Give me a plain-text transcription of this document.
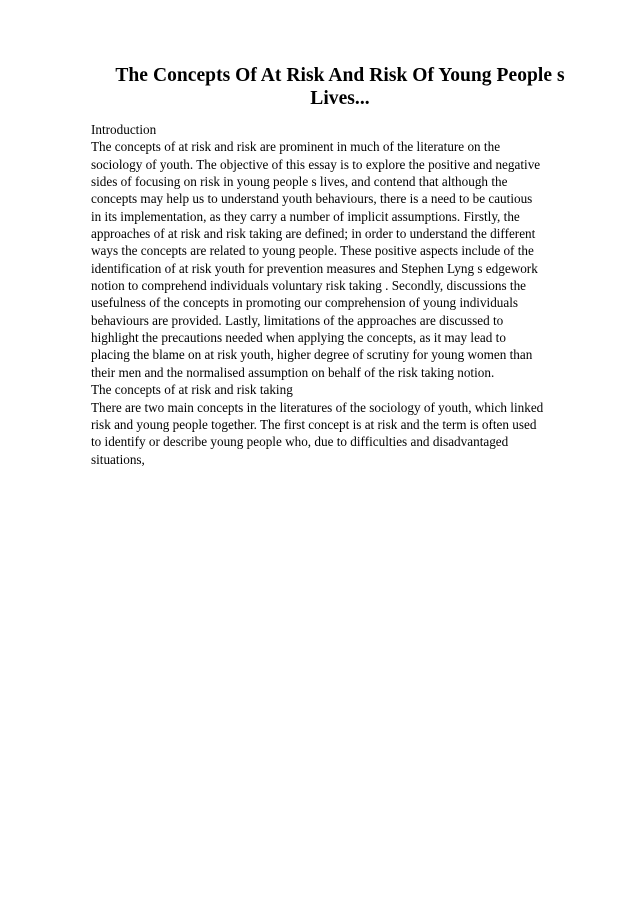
The Concepts Of At Risk And Risk Of Young People s
Lives...
Introduction
The concepts of at risk and risk are prominent in much of the literature on the
sociology of youth. The objective of this essay is to explore the positive and negative
sides of focusing on risk in young people s lives, and contend that although the
concepts may help us to understand youth behaviours, there is a need to be cautious
in its implementation, as they carry a number of implicit assumptions. Firstly, the
approaches of at risk and risk taking are defined; in order to understand the different
ways the concepts are related to young people. These positive aspects include of the
identification of at risk youth for prevention measures and Stephen Lyng s edgework
notion to comprehend individuals voluntary risk taking . Secondly, discussions the
usefulness of the concepts in promoting our comprehension of young individuals
behaviours are provided. Lastly, limitations of the approaches are discussed to
highlight the precautions needed when applying the concepts, as it may lead to
placing the blame on at risk youth, higher degree of scrutiny for young women than
their men and the normalised assumption on behalf of the risk taking notion.
The concepts of at risk and risk taking
There are two main concepts in the literatures of the sociology of youth, which linked
risk and young people together. The first concept is at risk and the term is often used
to identify or describe young people who, due to difficulties and disadvantaged
situations,
